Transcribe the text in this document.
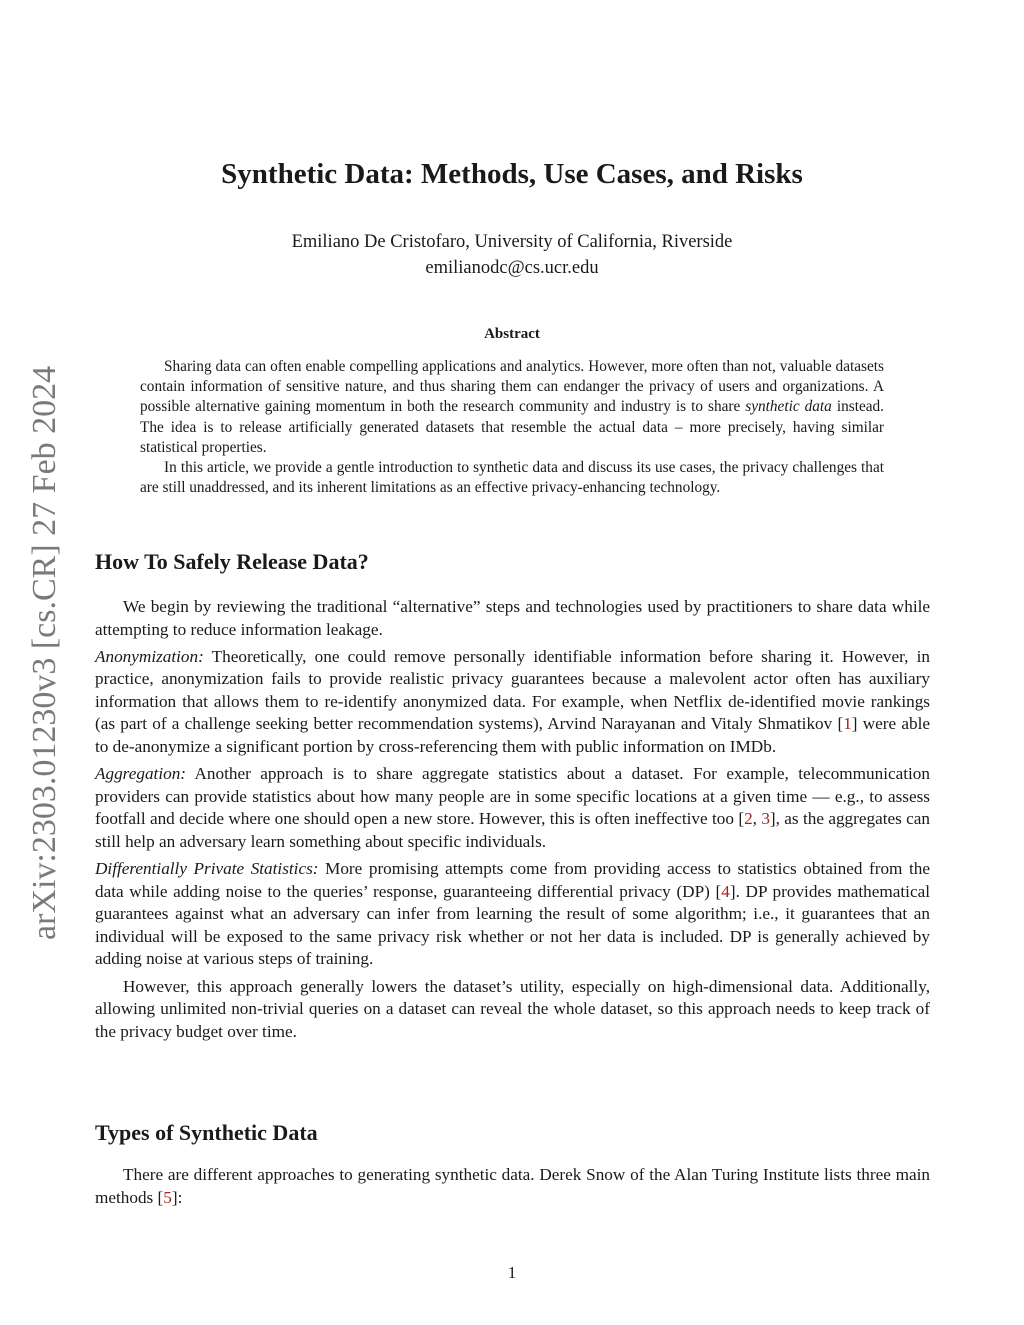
arXiv:2303.01230v3 [cs.CR] 27 Feb 2024
Synthetic Data: Methods, Use Cases, and Risks
Emiliano De Cristofaro, University of California, Riverside
emilianodc@cs.ucr.edu
Abstract

Sharing data can often enable compelling applications and analytics. However, more often than not, valuable datasets contain information of sensitive nature, and thus sharing them can endanger the privacy of users and organizations. A possible alternative gaining momentum in both the research community and industry is to share synthetic data instead. The idea is to release artificially generated datasets that resemble the actual data – more precisely, having similar statistical properties.

In this article, we provide a gentle introduction to synthetic data and discuss its use cases, the privacy challenges that are still unaddressed, and its inherent limitations as an effective privacy-enhancing technology.

How To Safely Release Data?

We begin by reviewing the traditional “alternative” steps and technologies used by practitioners to share data while attempting to reduce information leakage.

Anonymization: Theoretically, one could remove personally identifiable information before sharing it. However, in practice, anonymization fails to provide realistic privacy guarantees because a malevolent actor often has auxiliary information that allows them to re-identify anonymized data. For example, when Netflix de-identified movie rankings (as part of a challenge seeking better recommendation systems), Arvind Narayanan and Vitaly Shmatikov [1] were able to de-anonymize a significant portion by cross-referencing them with public information on IMDb.

Aggregation: Another approach is to share aggregate statistics about a dataset. For example, telecommunication providers can provide statistics about how many people are in some specific locations at a given time — e.g., to assess footfall and decide where one should open a new store. However, this is often ineffective too [2, 3], as the aggregates can still help an adversary learn something about specific individuals.

Differentially Private Statistics: More promising attempts come from providing access to statistics obtained from the data while adding noise to the queries’ response, guaranteeing differential privacy (DP) [4]. DP provides mathematical guarantees against what an adversary can infer from learning the result of some algorithm; i.e., it guarantees that an individual will be exposed to the same privacy risk whether or not her data is included. DP is generally achieved by adding noise at various steps of training.

However, this approach generally lowers the dataset’s utility, especially on high-dimensional data. Additionally, allowing unlimited non-trivial queries on a dataset can reveal the whole dataset, so this approach needs to keep track of the privacy budget over time.

Types of Synthetic Data

There are different approaches to generating synthetic data. Derek Snow of the Alan Turing Institute lists three main methods [5]:

1
